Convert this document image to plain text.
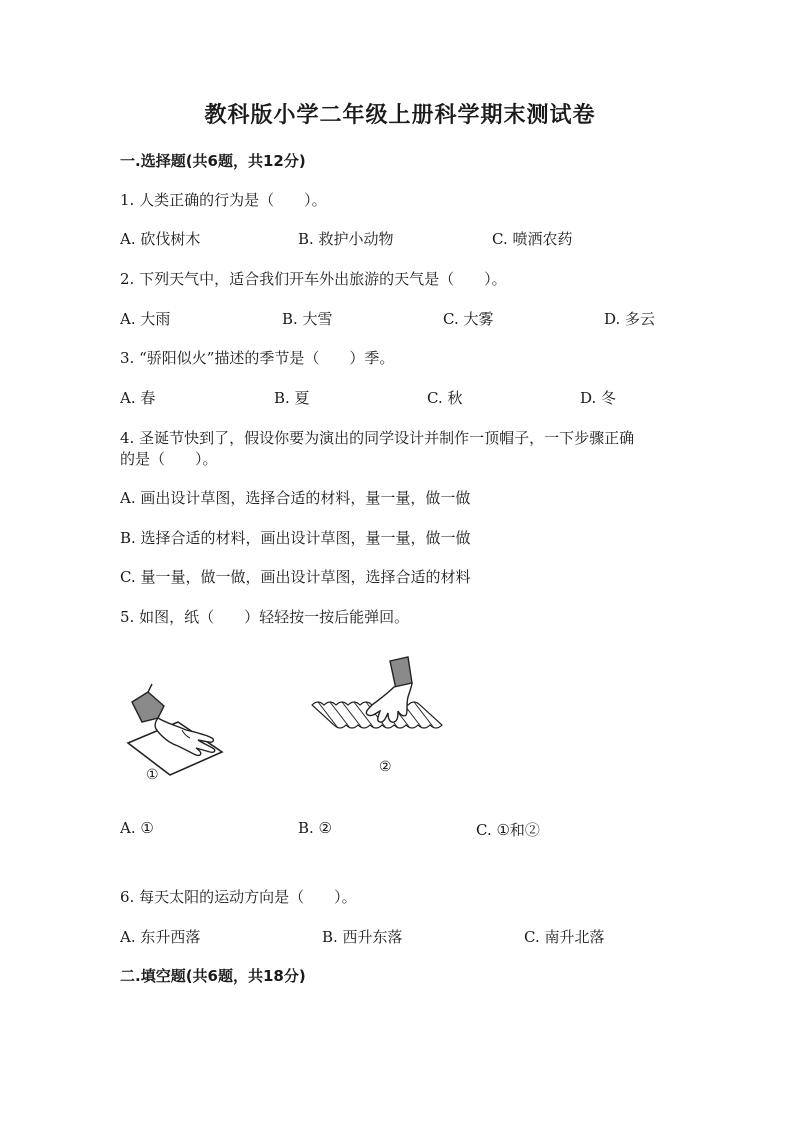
教科版小学二年级上册科学期末测试卷
一.选择题(共6题，共12分)
1. 人类正确的行为是（　　）。
A. 砍伐树木	B. 救护小动物	C. 喷洒农药
2. 下列天气中，适合我们开车外出旅游的天气是（　　）。
A. 大雨	B. 大雪	C. 大雾	D. 多云
3. “骄阳似火”描述的季节是（　　）季。
A. 春	B. 夏	C. 秋	D. 冬
4. 圣诞节快到了，假设你要为演出的同学设计并制作一顶帽子，一下步骤正确
的是（　　）。
A. 画出设计草图，选择合适的材料，量一量，做一做
B. 选择合适的材料，画出设计草图，量一量，做一做
C. 量一量，做一做，画出设计草图，选择合适的材料
5. 如图，纸（　　）轻轻按一按后能弹回。
①	②
A. ①	B. ②	C. ①和②
6. 每天太阳的运动方向是（　　）。
A. 东升西落	B. 西升东落	C. 南升北落
二.填空题(共6题，共18分)
